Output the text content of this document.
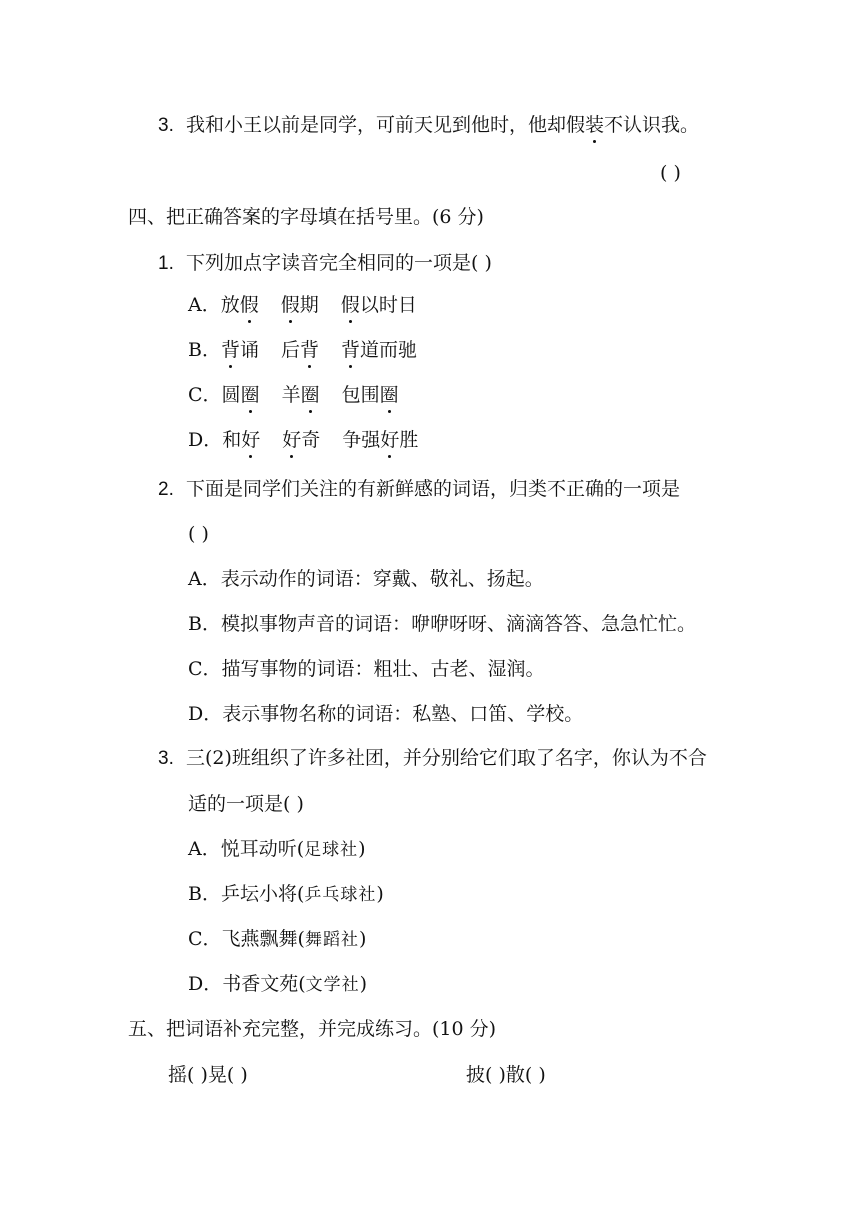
3. 我和小王以前是同学，可前天见到他时，他却假装不认识我。
( )
四、把正确答案的字母填在括号里。(6 分)
1. 下列加点字读音完全相同的一项是( )
A．放假 假期 假以时日
B．背诵 后背 背道而驰
C．圆圈 羊圈 包围圈
D．和好 好奇 争强好胜
2. 下面是同学们关注的有新鲜感的词语，归类不正确的一项是
( )
A．表示动作的词语：穿戴、敬礼、扬起。
B．模拟事物声音的词语：咿咿呀呀、滴滴答答、急急忙忙。
C．描写事物的词语：粗壮、古老、湿润。
D．表示事物名称的词语：私塾、口笛、学校。
3. 三(2)班组织了许多社团，并分别给它们取了名字，你认为不合
适的一项是( )
A．悦耳动听(足球社)
B．乒坛小将(乒乓球社)
C．飞燕飘舞(舞蹈社)
D．书香文苑(文学社)
五、把词语补充完整，并完成练习。(10 分)
摇( )晃( )	披( )散( )
